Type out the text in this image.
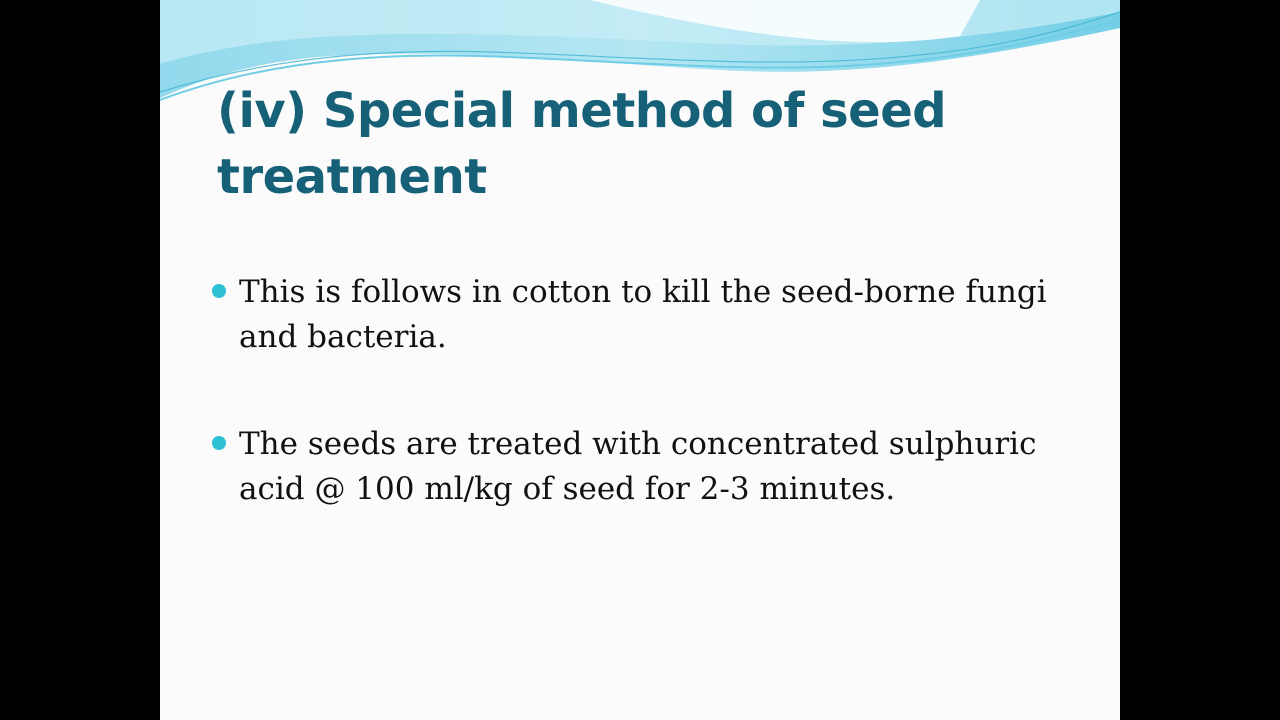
(iv) Special method of seed treatment
This is follows in cotton to kill the seed-borne fungi and bacteria.
The seeds are treated with concentrated sulphuric acid @ 100 ml/kg of seed for 2-3 minutes.
